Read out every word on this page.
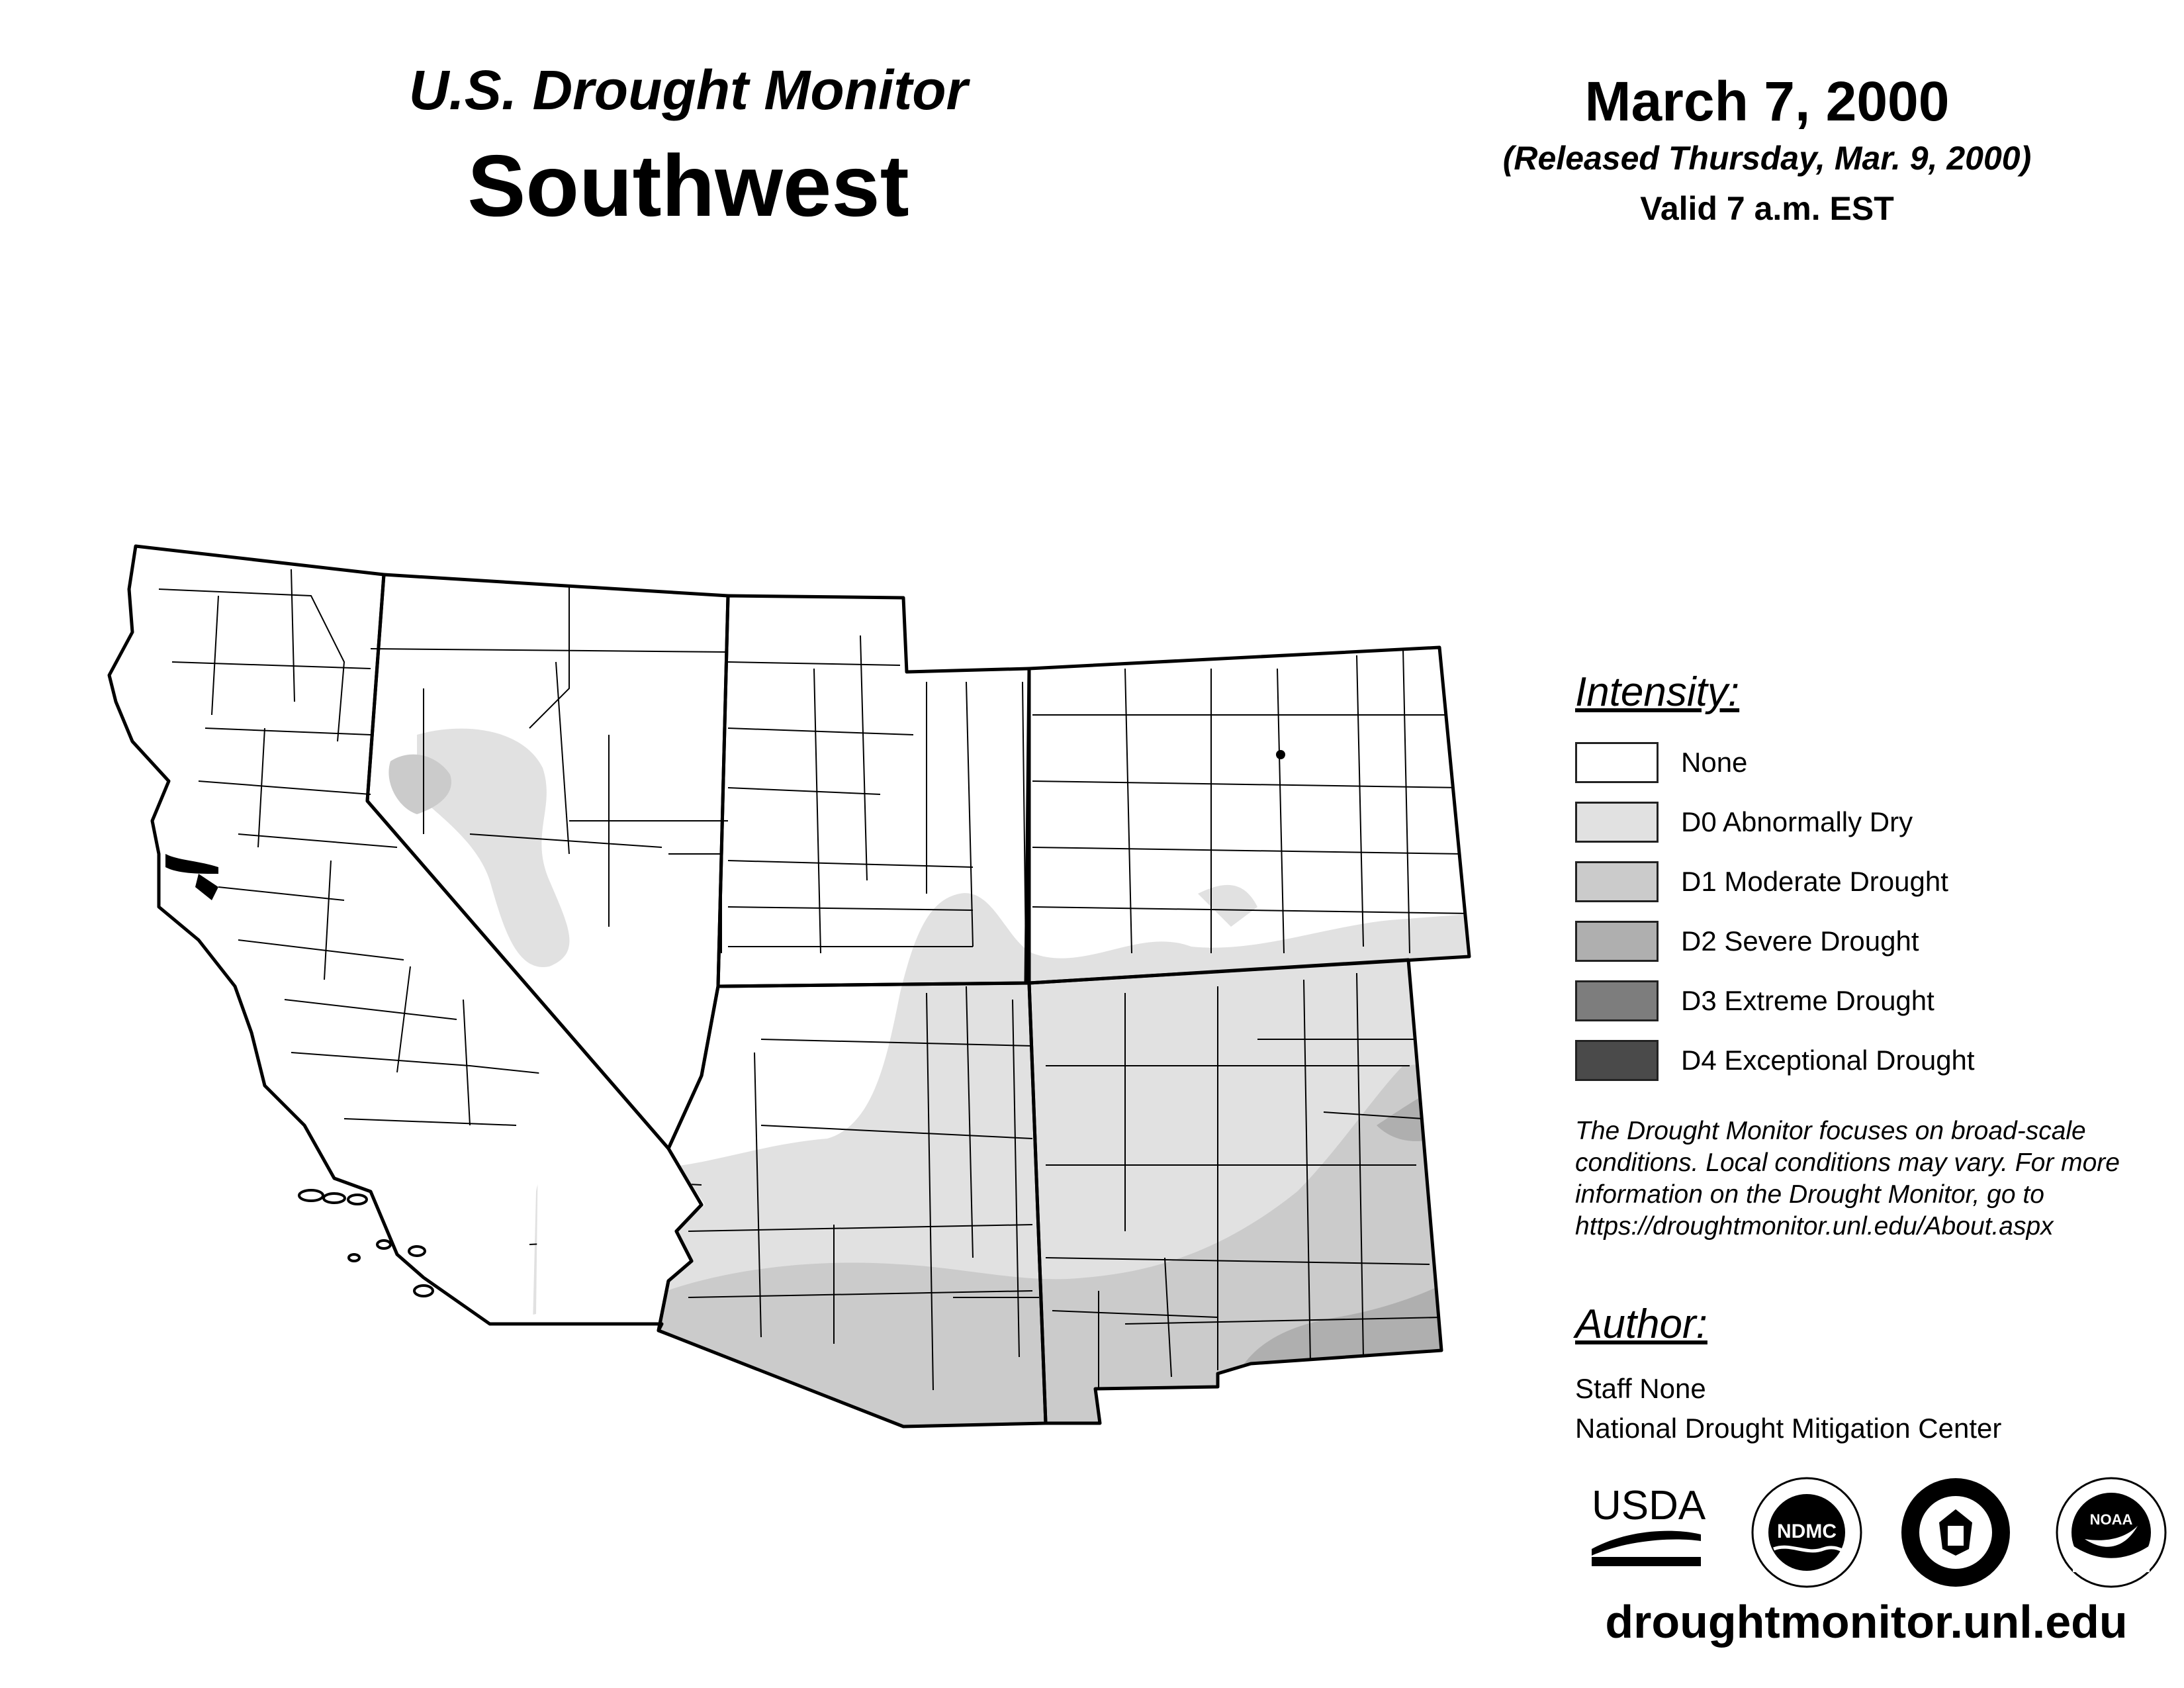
U.S. Drought Monitor
Southwest
March 7, 2000
(Released Thursday, Mar. 9, 2000)
Valid 7 a.m. EST
Intensity:
None
D0 Abnormally Dry
D1 Moderate Drought
D2 Severe Drought
D3 Extreme Drought
D4 Exceptional Drought
The Drought Monitor focuses on broad-scale conditions. Local conditions may vary. For more information on the Drought Monitor, go to https://droughtmonitor.unl.edu/About.aspx
Author:
Staff None
National Drought Mitigation Center
USDA
NDMC
NOAA
droughtmonitor.unl.edu
